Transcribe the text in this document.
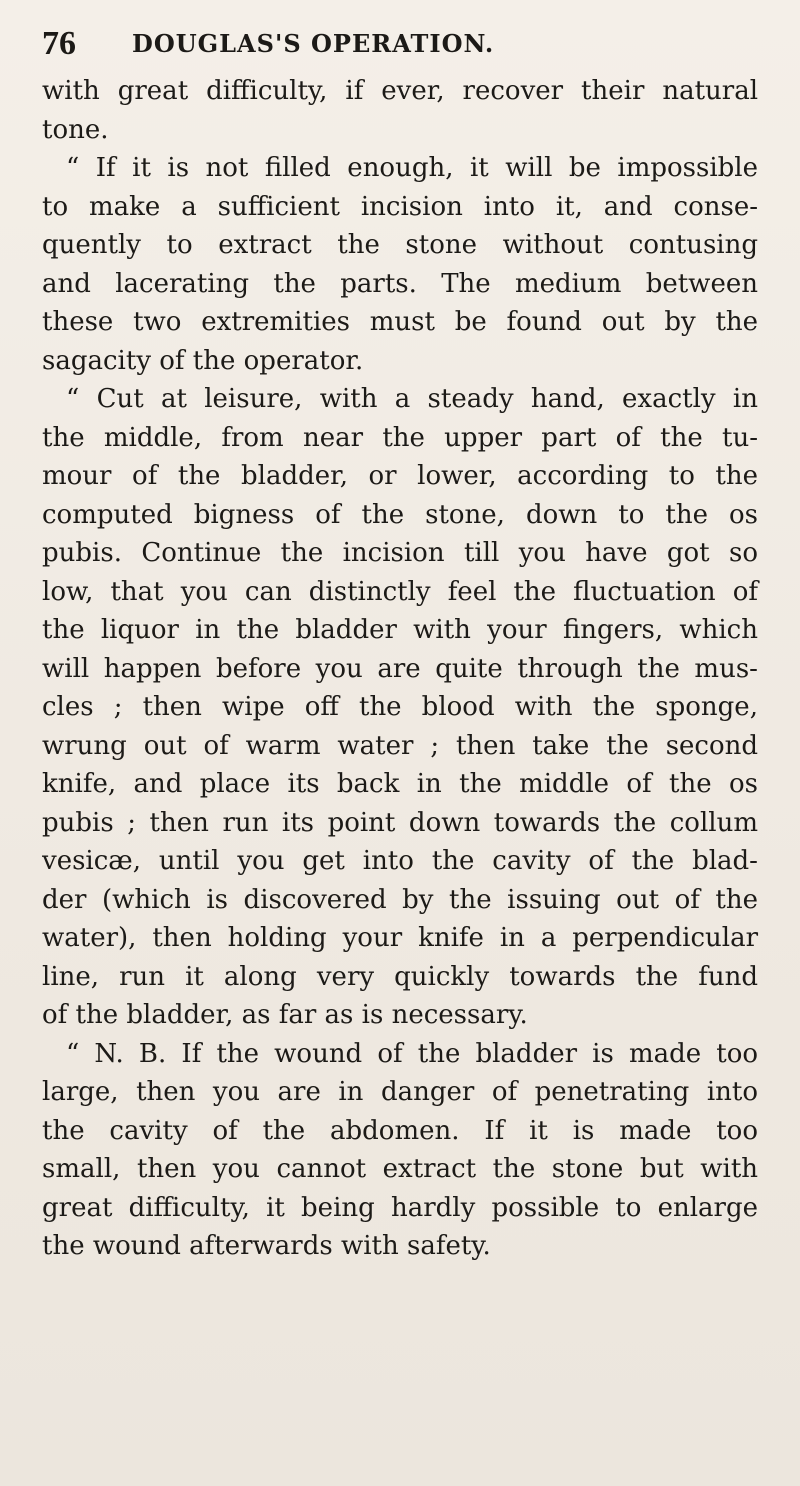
76 DOUGLAS'S OPERATION.
with great difficulty, if ever, recover their natural
tone.
“ If it is not filled enough, it will be impossible
to make a sufficient incision into it, and conse-
quently to extract the stone without contusing
and lacerating the parts. The medium between
these two extremities must be found out by the
sagacity of the operator.
“ Cut at leisure, with a steady hand, exactly in
the middle, from near the upper part of the tu-
mour of the bladder, or lower, according to the
computed bigness of the stone, down to the os
pubis. Continue the incision till you have got so
low, that you can distinctly feel the fluctuation of
the liquor in the bladder with your fingers, which
will happen before you are quite through the mus-
cles ; then wipe off the blood with the sponge,
wrung out of warm water ; then take the second
knife, and place its back in the middle of the os
pubis ; then run its point down towards the collum
vesicæ, until you get into the cavity of the blad-
der (which is discovered by the issuing out of the
water), then holding your knife in a perpendicular
line, run it along very quickly towards the fund
of the bladder, as far as is necessary.
“ N. B. If the wound of the bladder is made too
large, then you are in danger of penetrating into
the cavity of the abdomen. If it is made too
small, then you cannot extract the stone but with
great difficulty, it being hardly possible to enlarge
the wound afterwards with safety.
